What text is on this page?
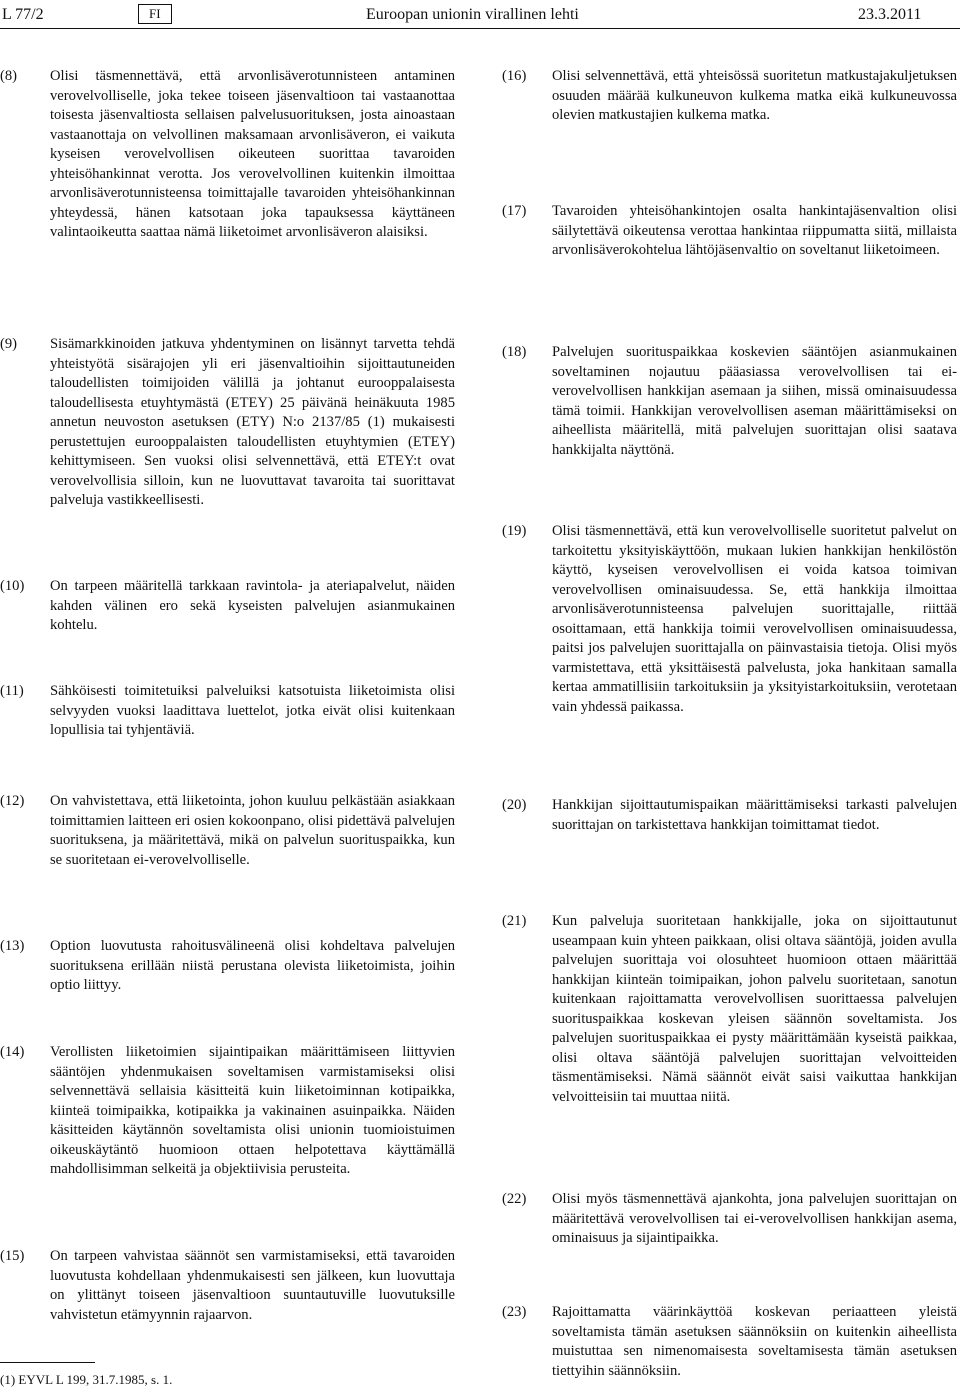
L 77/2	FI	Euroopan unionin virallinen lehti	23.3.2011
(8)	Olisi täsmennettävä, että arvonlisäverotunnisteen antaminen verovelvolliselle, joka tekee toiseen jäsenvaltioon tai vastaanottaa toisesta jäsenvaltiosta sellaisen palvelusuorituksen, josta ainoastaan vastaanottaja on velvollinen maksamaan arvonlisäveron, ei vaikuta kyseisen verovelvollisen oikeuteen suorittaa tavaroiden yhteisöhankinnat verotta. Jos verovelvollinen kuitenkin ilmoittaa arvonlisäverotunnisteensa toimittajalle tavaroiden yhteisöhankinnan yhteydessä, hänen katsotaan joka tapauksessa käyttäneen valintaoikeutta saattaa nämä liiketoimet arvonlisäveron alaisiksi.
(9)	Sisämarkkinoiden jatkuva yhdentyminen on lisännyt tarvetta tehdä yhteistyötä sisärajojen yli eri jäsenvaltioihin sijoittautuneiden taloudellisten toimijoiden välillä ja johtanut eurooppalaisesta taloudellisesta etuyhtymästä (ETEY) 25 päivänä heinäkuuta 1985 annetun neuvoston asetuksen (ETY) N:o 2137/85 (1) mukaisesti perustettujen eurooppalaisten taloudellisten etuyhtymien (ETEY) kehittymiseen. Sen vuoksi olisi selvennettävä, että ETEY:t ovat verovelvollisia silloin, kun ne luovuttavat tavaroita tai suorittavat palveluja vastikkeellisesti.
(10)	On tarpeen määritellä tarkkaan ravintola- ja ateriapalvelut, näiden kahden välinen ero sekä kyseisten palvelujen asianmukainen kohtelu.
(11)	Sähköisesti toimitetuiksi palveluiksi katsotuista liiketoimista olisi selvyyden vuoksi laadittava luettelot, jotka eivät olisi kuitenkaan lopullisia tai tyhjentäviä.
(12)	On vahvistettava, että liiketointa, johon kuuluu pelkästään asiakkaan toimittamien laitteen eri osien kokoonpano, olisi pidettävä palvelujen suorituksena, ja määritettävä, mikä on palvelun suorituspaikka, kun se suoritetaan ei-verovelvolliselle.
(13)	Option luovutusta rahoitusvälineenä olisi kohdeltava palvelujen suorituksena erillään niistä perustana olevista liiketoimista, joihin optio liittyy.
(14)	Verollisten liiketoimien sijaintipaikan määrittämiseen liittyvien sääntöjen yhdenmukaisen soveltamisen varmistamiseksi olisi selvennettävä sellaisia käsitteitä kuin liiketoiminnan kotipaikka, kiinteä toimipaikka, kotipaikka ja vakinainen asuinpaikka. Näiden käsitteiden käytännön soveltamista olisi unionin tuomioistuimen oikeuskäytäntö huomioon ottaen helpotettava käyttämällä mahdollisimman selkeitä ja objektiivisia perusteita.
(15)	On tarpeen vahvistaa säännöt sen varmistamiseksi, että tavaroiden luovutusta kohdellaan yhdenmukaisesti sen jälkeen, kun luovuttaja on ylittänyt toiseen jäsenvaltioon suuntautuville luovutuksille vahvistetun etämyynnin rajaarvon.
(16)	Olisi selvennettävä, että yhteisössä suoritetun matkustajakuljetuksen osuuden määrää kulkuneuvon kulkema matka eikä kulkuneuvossa olevien matkustajien kulkema matka.
(17)	Tavaroiden yhteisöhankintojen osalta hankintajäsenvaltion olisi säilytettävä oikeutensa verottaa hankintaa riippumatta siitä, millaista arvonlisäverokohtelua lähtöjäsenvaltio on soveltanut liiketoimeen.
(18)	Palvelujen suorituspaikkaa koskevien sääntöjen asianmukainen soveltaminen nojautuu pääasiassa verovelvollisen tai ei-verovelvollisen hankkijan asemaan ja siihen, missä ominaisuudessa tämä toimii. Hankkijan verovelvollisen aseman määrittämiseksi on aiheellista määritellä, mitä palvelujen suorittajan olisi saatava hankkijalta näyttönä.
(19)	Olisi täsmennettävä, että kun verovelvolliselle suoritetut palvelut on tarkoitettu yksityiskäyttöön, mukaan lukien hankkijan henkilöstön käyttö, kyseisen verovelvollisen ei voida katsoa toimivan verovelvollisen ominaisuudessa. Se, että hankkija ilmoittaa arvonlisäverotunnisteensa palvelujen suorittajalle, riittää osoittamaan, että hankkija toimii verovelvollisen ominaisuudessa, paitsi jos palvelujen suorittajalla on päinvastaisia tietoja. Olisi myös varmistettava, että yksittäisestä palvelusta, joka hankitaan samalla kertaa ammatillisiin tarkoituksiin ja yksityistarkoituksiin, verotetaan vain yhdessä paikassa.
(20)	Hankkijan sijoittautumispaikan määrittämiseksi tarkasti palvelujen suorittajan on tarkistettava hankkijan toimittamat tiedot.
(21)	Kun palveluja suoritetaan hankkijalle, joka on sijoittautunut useampaan kuin yhteen paikkaan, olisi oltava sääntöjä, joiden avulla palvelujen suorittaja voi olosuhteet huomioon ottaen määrittää hankkijan kiinteän toimipaikan, johon palvelu suoritetaan, sanotun kuitenkaan rajoittamatta verovelvollisen suorittaessa palvelujen suorituspaikkaa koskevan yleisen säännön soveltamista. Jos palvelujen suorituspaikkaa ei pysty määrittämään kyseistä paikkaa, olisi oltava sääntöjä palvelujen suorittajan velvoitteiden täsmentämiseksi. Nämä säännöt eivät saisi vaikuttaa hankkijan velvoitteisiin tai muuttaa niitä.
(22)	Olisi myös täsmennettävä ajankohta, jona palvelujen suorittajan on määritettävä verovelvollisen tai ei-verovelvollisen hankkijan asema, ominaisuus ja sijaintipaikka.
(23)	Rajoittamatta väärinkäyttöä koskevan periaatteen yleistä soveltamista tämän asetuksen säännöksiin on kuitenkin aiheellista muistuttaa sen nimenomaisesta soveltamisesta tämän asetuksen tiettyihin säännöksiin.
(1) EYVL L 199, 31.7.1985, s. 1.
